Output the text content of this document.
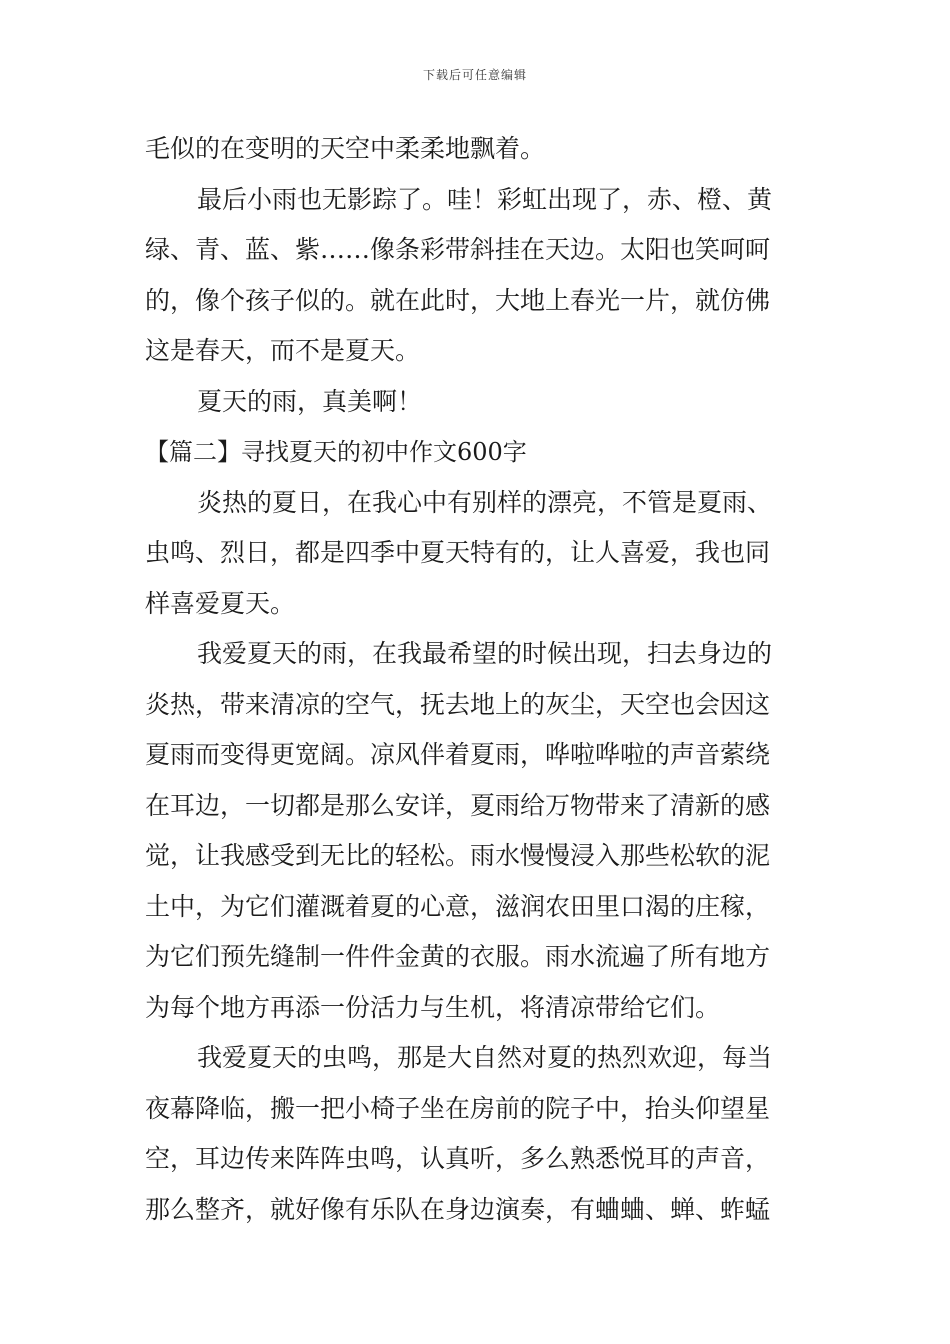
下载后可任意编辑
毛似的在变明的天空中柔柔地飘着。
最后小雨也无影踪了。哇！彩虹出现了，赤、橙、黄
绿、青、蓝、紫……像条彩带斜挂在天边。太阳也笑呵呵
的，像个孩子似的。就在此时，大地上春光一片，就仿佛
这是春天，而不是夏天。
夏天的雨，真美啊！
【篇二】寻找夏天的初中作文600字
炎热的夏日，在我心中有别样的漂亮，不管是夏雨、
虫鸣、烈日，都是四季中夏天特有的，让人喜爱，我也同
样喜爱夏天。
我爱夏天的雨，在我最希望的时候出现，扫去身边的
炎热，带来清凉的空气，抚去地上的灰尘，天空也会因这
夏雨而变得更宽阔。凉风伴着夏雨，哗啦哗啦的声音萦绕
在耳边，一切都是那么安详，夏雨给万物带来了清新的感
觉，让我感受到无比的轻松。雨水慢慢浸入那些松软的泥
土中，为它们灌溉着夏的心意，滋润农田里口渴的庄稼，
为它们预先缝制一件件金黄的衣服。雨水流遍了所有地方
为每个地方再添一份活力与生机，将清凉带给它们。
我爱夏天的虫鸣，那是大自然对夏的热烈欢迎，每当
夜幕降临，搬一把小椅子坐在房前的院子中，抬头仰望星
空，耳边传来阵阵虫鸣，认真听，多么熟悉悦耳的声音，
那么整齐，就好像有乐队在身边演奏，有蛐蛐、蝉、蚱蜢
